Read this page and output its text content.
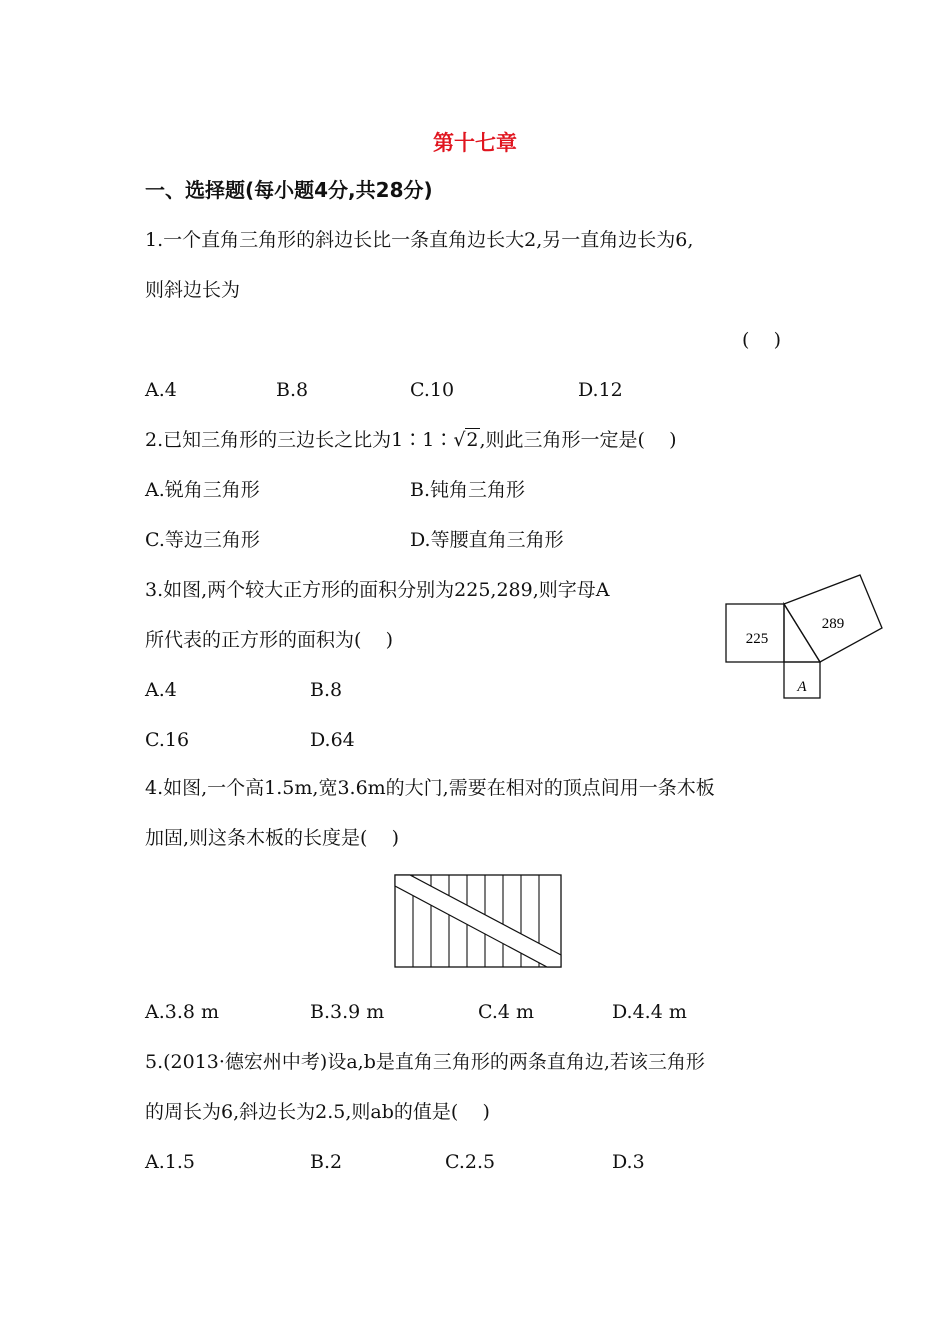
第十七章
一、选择题(每小题4分,共28分)
1.一个直角三角形的斜边长比一条直角边长大2,另一直角边长为6,
则斜边长为
(    )
A.4	B.8	C.10	D.12
2.已知三角形的三边长之比为1∶1∶√2,则此三角形一定是(    )
A.锐角三角形	B.钝角三角形
C.等边三角形	D.等腰直角三角形
3.如图,两个较大正方形的面积分别为225,289,则字母A
所代表的正方形的面积为(    )
A.4	B.8
C.16	D.64
225
289
A
4.如图,一个高1.5m,宽3.6m的大门,需要在相对的顶点间用一条木板
加固,则这条木板的长度是(    )
A.3.8 m	B.3.9 m	C.4 m	D.4.4 m
5.(2013·德宏州中考)设a,b是直角三角形的两条直角边,若该三角形
的周长为6,斜边长为2.5,则ab的值是(    )
A.1.5	B.2	C.2.5	D.3
